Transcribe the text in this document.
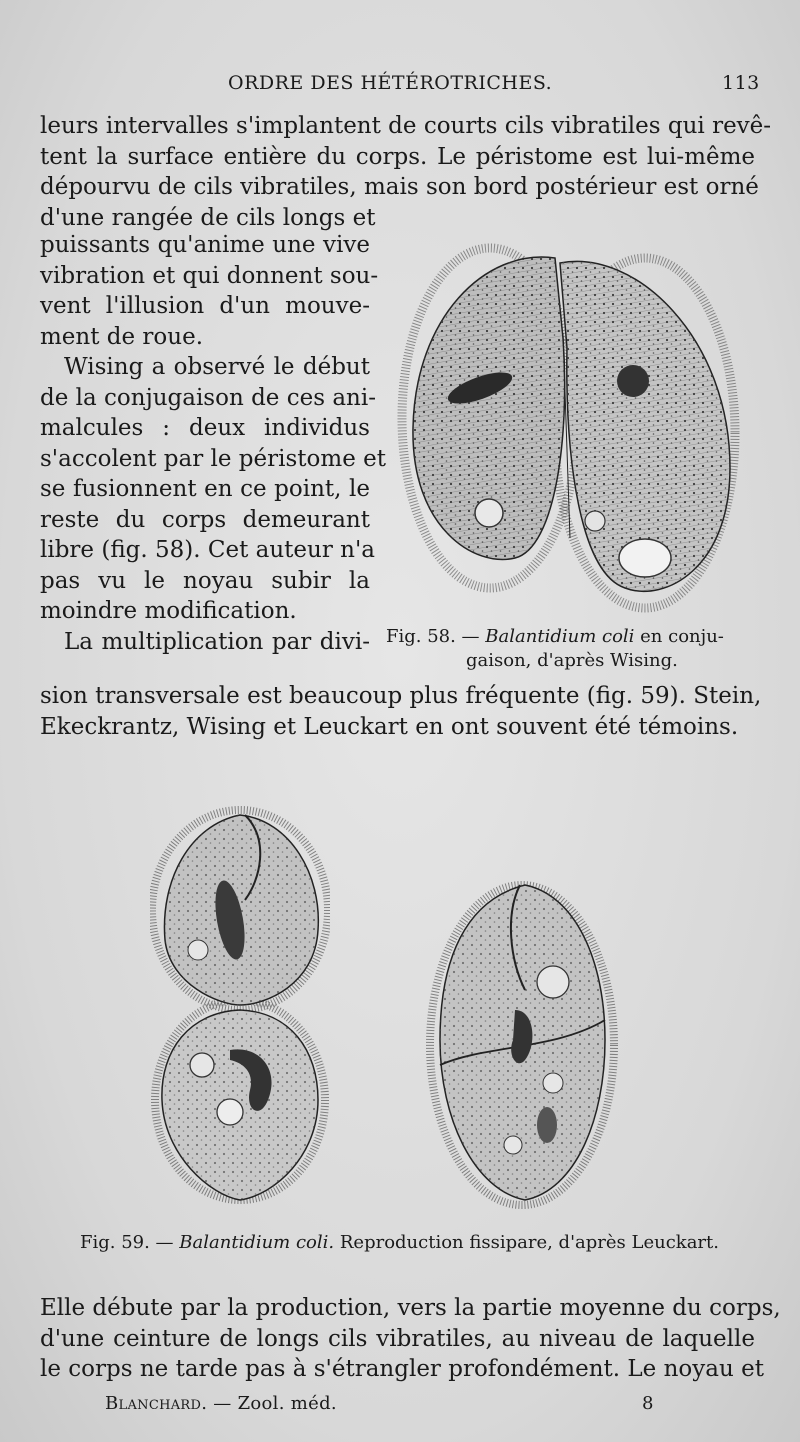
ORDRE DES HÉTÉROTRICHES.	113

leurs intervalles s'implantent de courts cils vibratiles qui revê-
tent la surface entière du corps. Le péristome est lui-même
dépourvu de cils vibratiles, mais son bord postérieur est orné
d'une rangée de cils longs et

puissants qu'anime une vive
vibration et qui donnent sou-
vent l'illusion d'un mouve-
ment de roue.
Wising a observé le début
de la conjugaison de ces ani-
malcules : deux individus
s'accolent par le péristome et
se fusionnent en ce point, le
reste du corps demeurant
libre (fig. 58). Cet auteur n'a
pas vu le noyau subir la
moindre modification.
La multiplication par divi- Fig. 58. — Balantidium coli en conju-
gaison, d'après Wising.

sion transversale est beaucoup plus fréquente (fig. 59). Stein,
Ekeckrantz, Wising et Leuckart en ont souvent été témoins.

Fig. 59. — Balantidium coli. Reproduction fissipare, d'après Leuckart.

Elle débute par la production, vers la partie moyenne du corps,
d'une ceinture de longs cils vibratiles, au niveau de laquelle
le corps ne tarde pas à s'étrangler profondément. Le noyau et

Blanchard. — Zool. méd.	8
